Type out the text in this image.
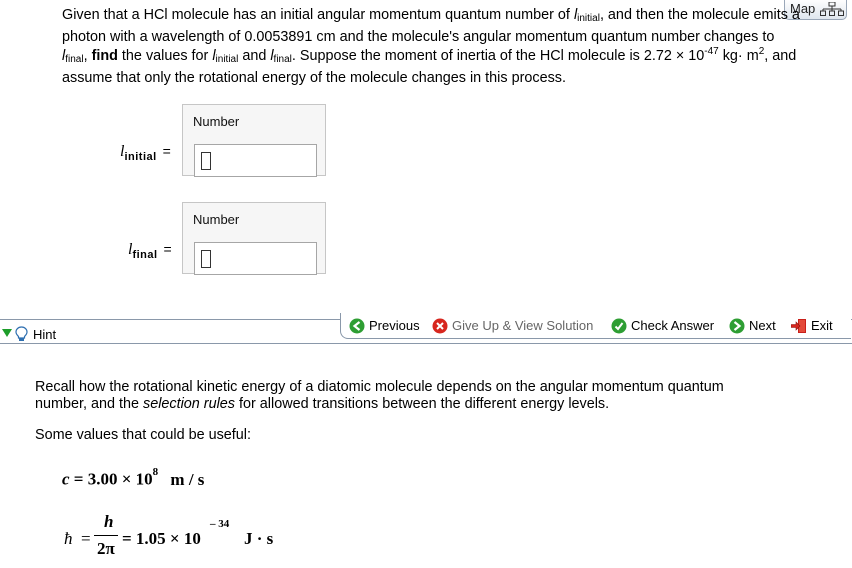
Map
Given that a HCl molecule has an initial angular momentum quantum number of $l_{initial}$, and then the molecule emits a photon with a wavelength of 0.0053891 cm and the molecule's angular momentum quantum number changes to $l_{final}$, find the values for $l_{initial}$ and $l_{final}$. Suppose the moment of inertia of the HCl molecule is $2.72 \times 10^{-47}$ $kg\cdot m^2$, and assume that only the rotational energy of the molecule changes in this process.
$l_{initial}$ =
Number
$l_{final}$ =
Number
Previous Give Up & View Solution	Check Answer	Next	Exit
Hint
Recall how the rotational kinetic energy of a diatomic molecule depends on the angular momentum quantum number, and the selection rules for allowed transitions between the different energy levels.
Some values that could be useful:
$c = 3.00 \times 10^8$ m / s
ħ =
h
2π
= 1.05 × 10
– 34
J · s
